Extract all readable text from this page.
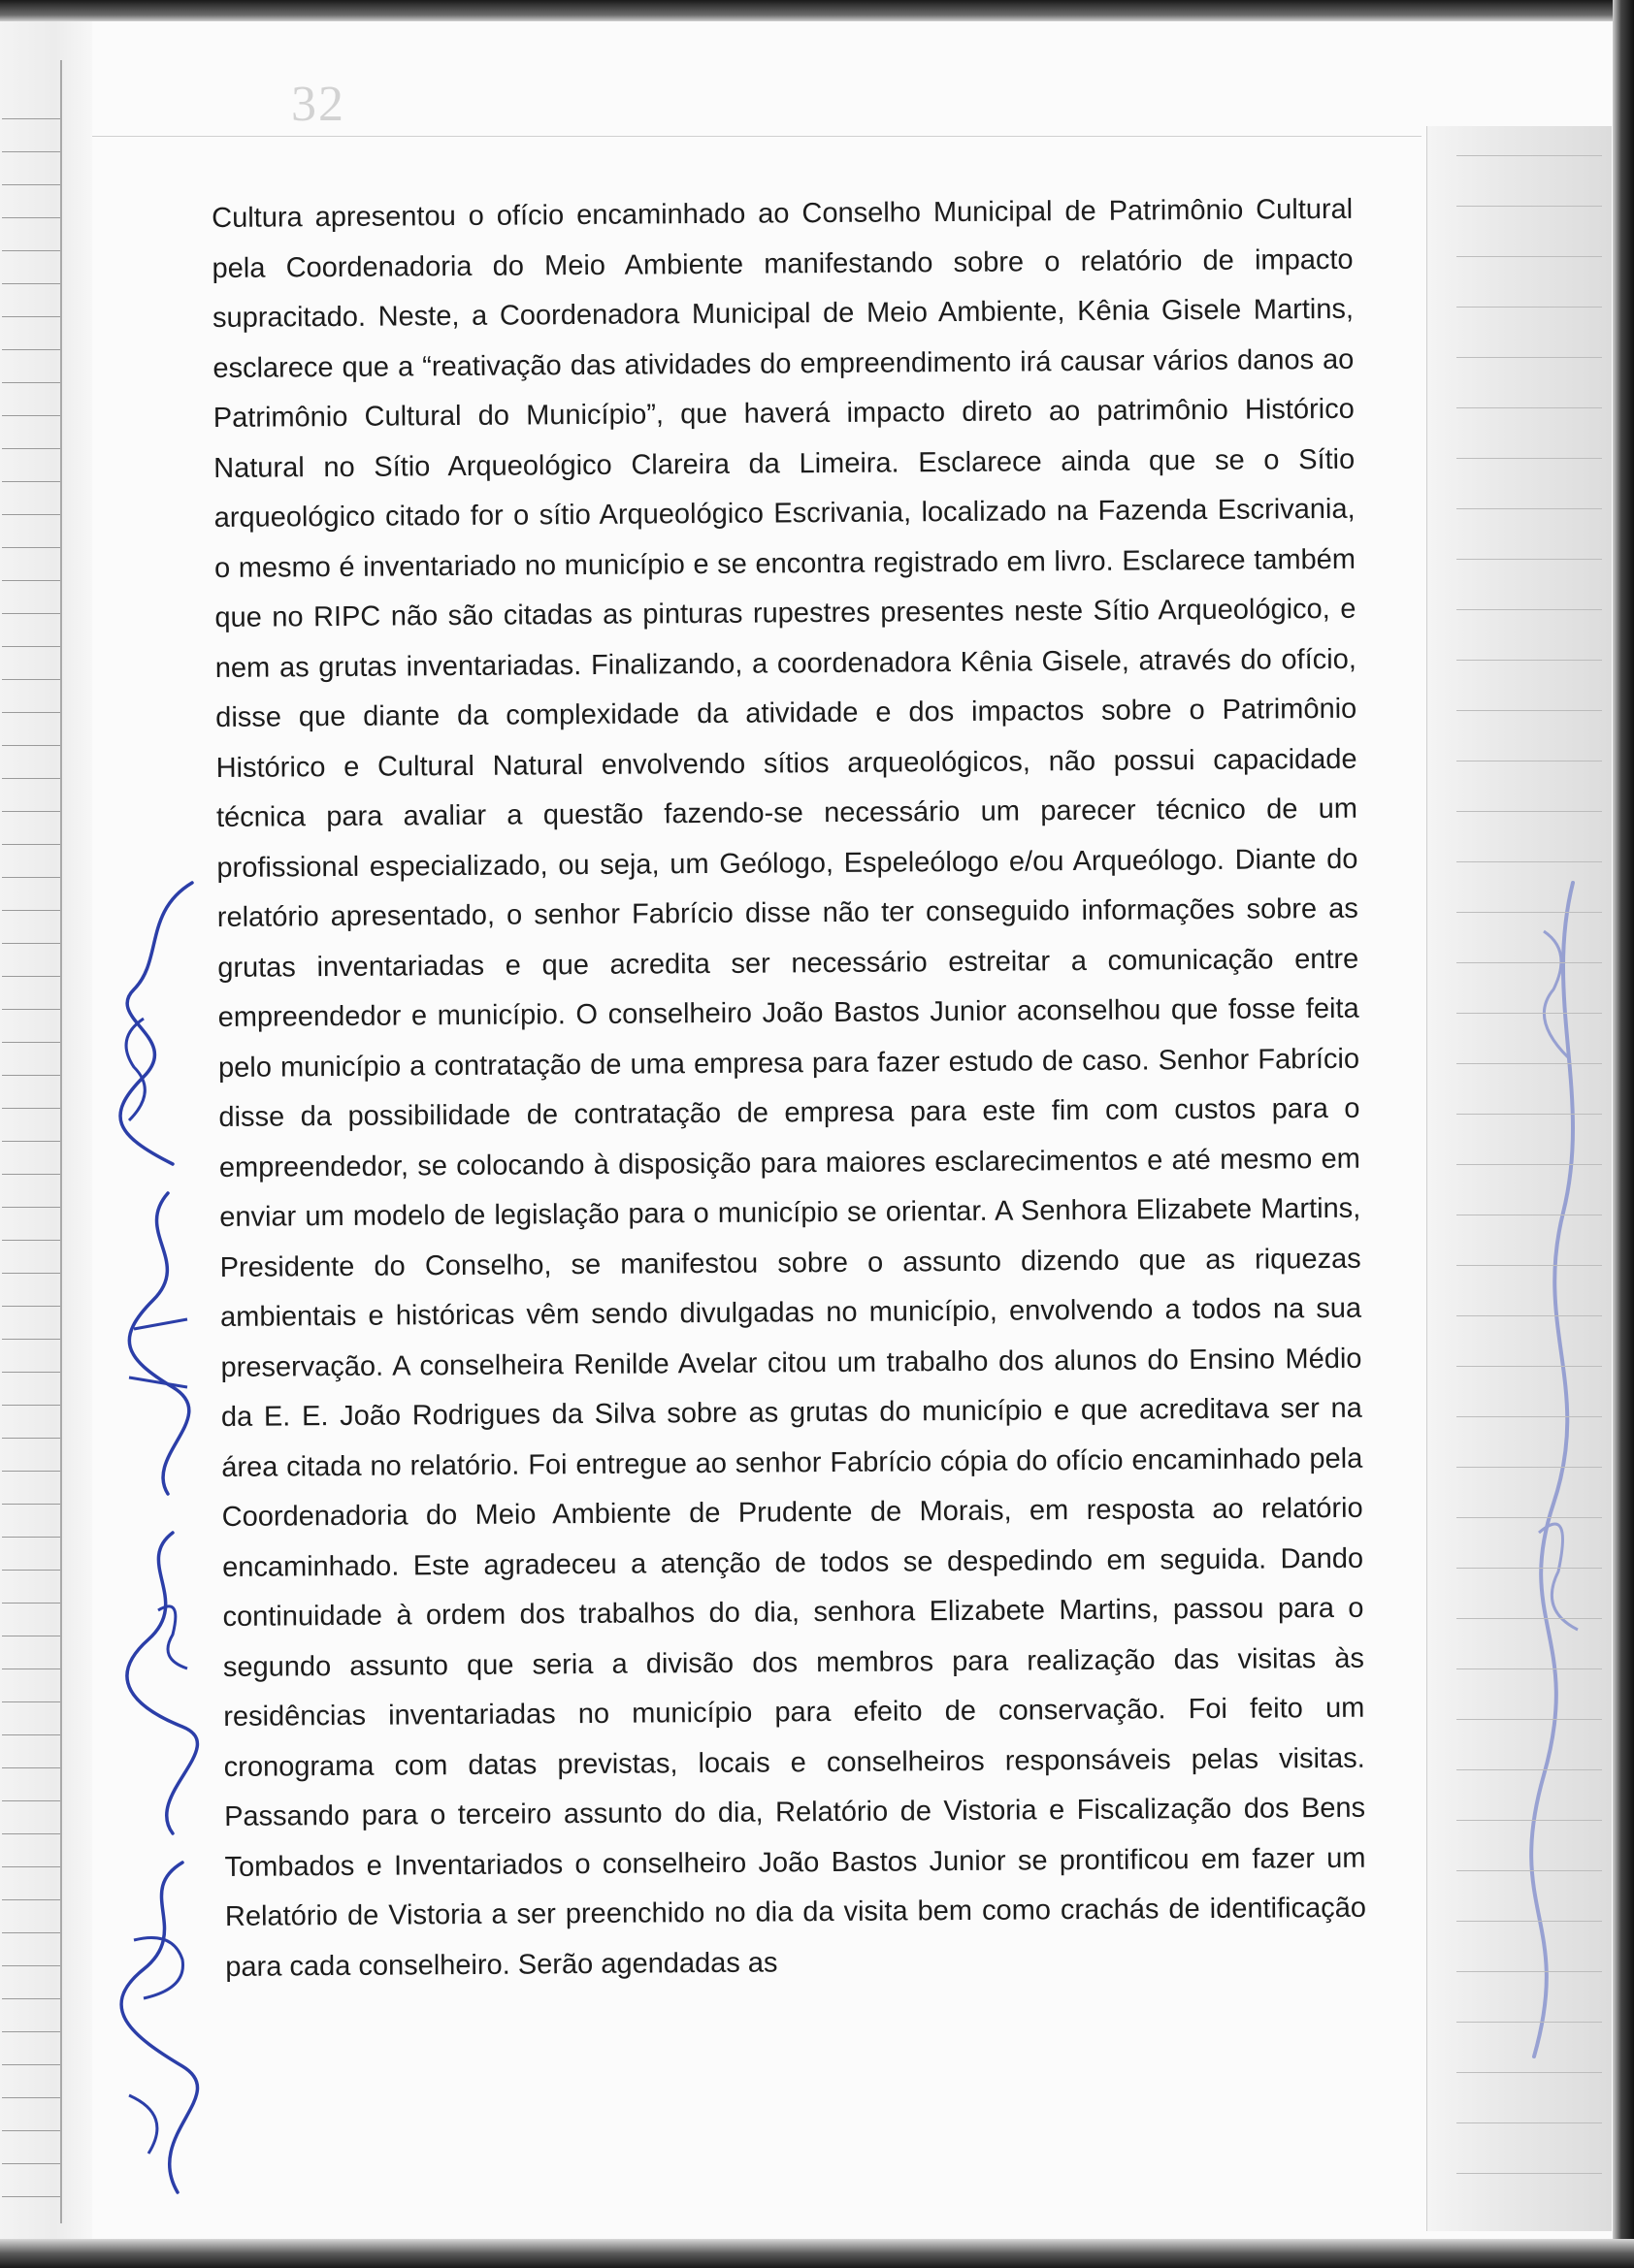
32

Cultura apresentou o ofício encaminhado ao Conselho Municipal de Patrimônio Cultural pela Coordenadoria do Meio Ambiente manifestando sobre o relatório de impacto supracitado. Neste, a Coordenadora Municipal de Meio Ambiente, Kênia Gisele Martins, esclarece que a “reativação das atividades do empreendimento irá causar vários danos ao Patrimônio Cultural do Município”, que haverá impacto direto ao patrimônio Histórico Natural no Sítio Arqueológico Clareira da Limeira. Esclarece ainda que se o Sítio arqueológico citado for o sítio Arqueológico Escrivania, localizado na Fazenda Escrivania, o mesmo é inventariado no município e se encontra registrado em livro. Esclarece também que no RIPC não são citadas as pinturas rupestres presentes neste Sítio Arqueológico, e nem as grutas inventariadas. Finalizando, a coordenadora Kênia Gisele, através do ofício, disse que diante da complexidade da atividade e dos impactos sobre o Patrimônio Histórico e Cultural Natural envolvendo sítios arqueológicos, não possui capacidade técnica para avaliar a questão fazendo-se necessário um parecer técnico de um profissional especializado, ou seja, um Geólogo, Espeleólogo e/ou Arqueólogo. Diante do relatório apresentado, o senhor Fabrício disse não ter conseguido informações sobre as grutas inventariadas e que acredita ser necessário estreitar a comunicação entre empreendedor e município. O conselheiro João Bastos Junior aconselhou que fosse feita pelo município a contratação de uma empresa para fazer estudo de caso. Senhor Fabrício disse da possibilidade de contratação de empresa para este fim com custos para o empreendedor, se colocando à disposição para maiores esclarecimentos e até mesmo em enviar um modelo de legislação para o município se orientar. A Senhora Elizabete Martins, Presidente do Conselho, se manifestou sobre o assunto dizendo que as riquezas ambientais e históricas vêm sendo divulgadas no município, envolvendo a todos na sua preservação. A conselheira Renilde Avelar citou um trabalho dos alunos do Ensino Médio da E. E. João Rodrigues da Silva sobre as grutas do município e que acreditava ser na área citada no relatório. Foi entregue ao senhor Fabrício cópia do ofício encaminhado pela Coordenadoria do Meio Ambiente de Prudente de Morais, em resposta ao relatório encaminhado. Este agradeceu a atenção de todos se despedindo em seguida. Dando continuidade à ordem dos trabalhos do dia, senhora Elizabete Martins, passou para o segundo assunto que seria a divisão dos membros para realização das visitas às residências inventariadas no município para efeito de conservação. Foi feito um cronograma com datas previstas, locais e conselheiros responsáveis pelas visitas. Passando para o terceiro assunto do dia, Relatório de Vistoria e Fiscalização dos Bens Tombados e Inventariados o conselheiro João Bastos Junior se prontificou em fazer um Relatório de Vistoria a ser preenchido no dia da visita bem como crachás de identificação para cada conselheiro. Serão agendadas as
